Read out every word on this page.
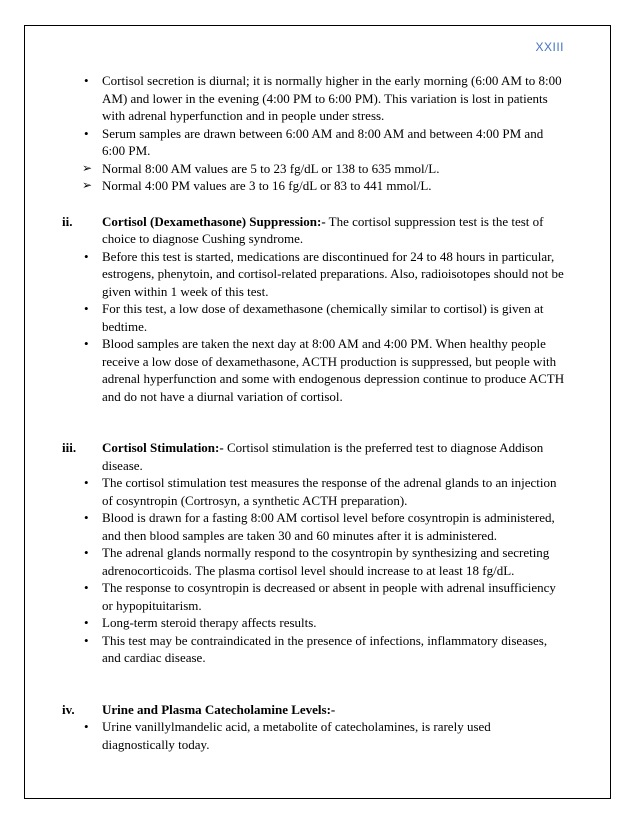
XXIII
• Cortisol secretion is diurnal; it is normally higher in the early morning (6:00 AM to 8:00 AM) and lower in the evening (4:00 PM to 6:00 PM). This variation is lost in patients with adrenal hyperfunction and in people under stress.
• Serum samples are drawn between 6:00 AM and 8:00 AM and between 4:00 PM and 6:00 PM.
➢ Normal 8:00 AM values are 5 to 23 fg/dL or 138 to 635 mmol/L.
➢ Normal 4:00 PM values are 3 to 16 fg/dL or 83 to 441 mmol/L.
ii. Cortisol (Dexamethasone) Suppression:- The cortisol suppression test is the test of choice to diagnose Cushing syndrome.
• Before this test is started, medications are discontinued for 24 to 48 hours in particular, estrogens, phenytoin, and cortisol-related preparations. Also, radioisotopes should not be given within 1 week of this test.
• For this test, a low dose of dexamethasone (chemically similar to cortisol) is given at bedtime.
• Blood samples are taken the next day at 8:00 AM and 4:00 PM. When healthy people receive a low dose of dexamethasone, ACTH production is suppressed, but people with adrenal hyperfunction and some with endogenous depression continue to produce ACTH and do not have a diurnal variation of cortisol.
iii. Cortisol Stimulation:- Cortisol stimulation is the preferred test to diagnose Addison disease.
• The cortisol stimulation test measures the response of the adrenal glands to an injection of cosyntropin (Cortrosyn, a synthetic ACTH preparation).
• Blood is drawn for a fasting 8:00 AM cortisol level before cosyntropin is administered, and then blood samples are taken 30 and 60 minutes after it is administered.
• The adrenal glands normally respond to the cosyntropin by synthesizing and secreting adrenocorticoids. The plasma cortisol level should increase to at least 18 fg/dL.
• The response to cosyntropin is decreased or absent in people with adrenal insufficiency or hypopituitarism.
• Long-term steroid therapy affects results.
• This test may be contraindicated in the presence of infections, inflammatory diseases, and cardiac disease.
iv. Urine and Plasma Catecholamine Levels:-
• Urine vanillylmandelic acid, a metabolite of catecholamines, is rarely used diagnostically today.
